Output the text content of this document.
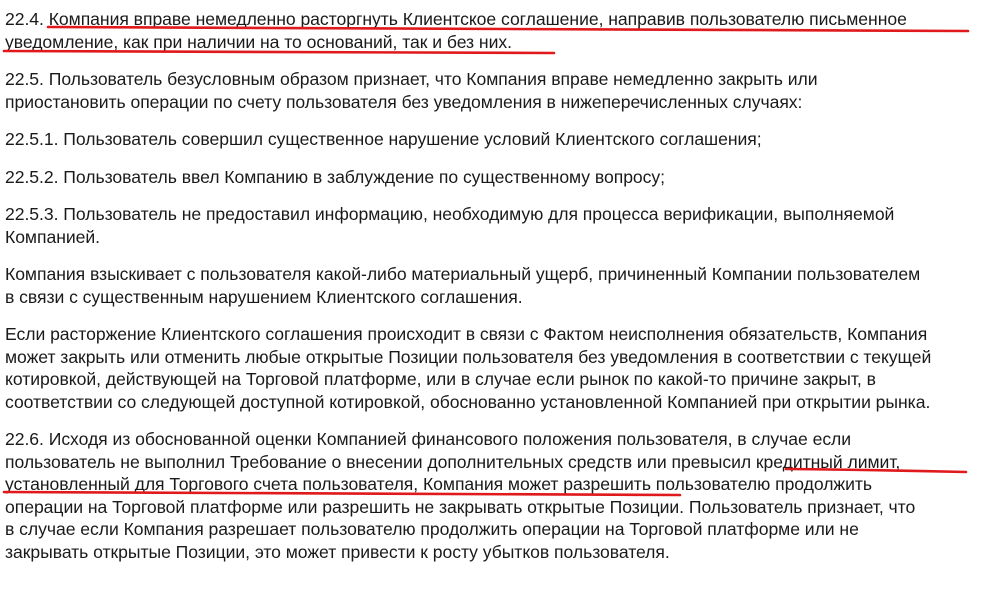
22.4. Компания вправе немедленно расторгнуть Клиентское соглашение, направив пользователю письменное
уведомление, как при наличии на то оснований, так и без них.
22.5. Пользователь безусловным образом признает, что Компания вправе немедленно закрыть или
приостановить операции по счету пользователя без уведомления в нижеперечисленных случаях:
22.5.1. Пользователь совершил существенное нарушение условий Клиентского соглашения;
22.5.2. Пользователь ввел Компанию в заблуждение по существенному вопросу;
22.5.3. Пользователь не предоставил информацию, необходимую для процесса верификации, выполняемой
Компанией.
Компания взыскивает с пользователя какой-либо материальный ущерб, причиненный Компании пользователем
в связи с существенным нарушением Клиентского соглашения.
Если расторжение Клиентского соглашения происходит в связи с Фактом неисполнения обязательств, Компания
может закрыть или отменить любые открытые Позиции пользователя без уведомления в соответствии с текущей
котировкой, действующей на Торговой платформе, или в случае если рынок по какой-то причине закрыт, в
соответствии со следующей доступной котировкой, обоснованно установленной Компанией при открытии рынка.
22.6. Исходя из обоснованной оценки Компанией финансового положения пользователя, в случае если
пользователь не выполнил Требование о внесении дополнительных средств или превысил кредитный лимит,
установленный для Торгового счета пользователя, Компания может разрешить пользователю продолжить
операции на Торговой платформе или разрешить не закрывать открытые Позиции. Пользователь признает, что
в случае если Компания разрешает пользователю продолжить операции на Торговой платформе или не
закрывать открытые Позиции, это может привести к росту убытков пользователя.
